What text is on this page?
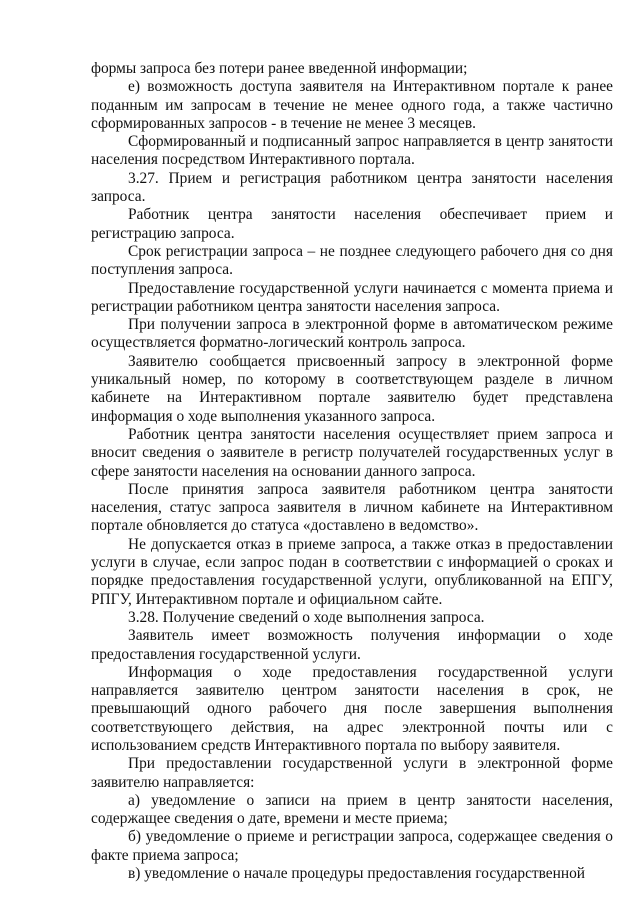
формы запроса без потери ранее введенной информации;

е) возможность доступа заявителя на Интерактивном портале к ранее поданным им запросам в течение не менее одного года, а также частично сформированных запросов - в течение не менее 3 месяцев.

Сформированный и подписанный запрос направляется в центр занятости населения посредством Интерактивного портала.

3.27. Прием и регистрация работником центра занятости населения запроса.

Работник центра занятости населения обеспечивает прием и регистрацию запроса.

Срок регистрации запроса – не позднее следующего рабочего дня со дня поступления запроса.

Предоставление государственной услуги начинается с момента приема и регистрации работником центра занятости населения запроса.

При получении запроса в электронной форме в автоматическом режиме осуществляется форматно-логический контроль запроса.

Заявителю сообщается присвоенный запросу в электронной форме уникальный номер, по которому в соответствующем разделе в личном кабинете на Интерактивном портале заявителю будет представлена информация о ходе выполнения указанного запроса.

Работник центра занятости населения осуществляет прием запроса и вносит сведения о заявителе в регистр получателей государственных услуг в сфере занятости населения на основании данного запроса.

После принятия запроса заявителя работником центра занятости населения, статус запроса заявителя в личном кабинете на Интерактивном портале обновляется до статуса «доставлено в ведомство».

Не допускается отказ в приеме запроса, а также отказ в предоставлении услуги в случае, если запрос подан в соответствии с информацией о сроках и порядке предоставления государственной услуги, опубликованной на ЕПГУ, РПГУ, Интерактивном портале и официальном сайте.

3.28. Получение сведений о ходе выполнения запроса.

Заявитель имеет возможность получения информации о ходе предоставления государственной услуги.

Информация о ходе предоставления государственной услуги направляется заявителю центром занятости населения в срок, не превышающий одного рабочего дня после завершения выполнения соответствующего действия, на адрес электронной почты или с использованием средств Интерактивного портала по выбору заявителя.

При предоставлении государственной услуги в электронной форме заявителю направляется:

а) уведомление о записи на прием в центр занятости населения, содержащее сведения о дате, времени и месте приема;

б) уведомление о приеме и регистрации запроса, содержащее сведения о факте приема запроса;

в) уведомление о начале процедуры предоставления государственной
